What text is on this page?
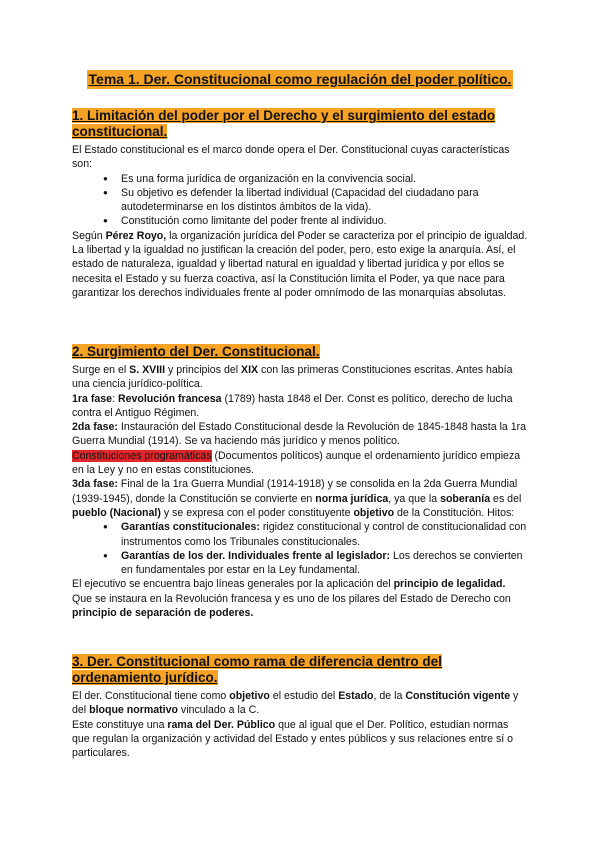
Tema 1. Der. Constitucional como regulación del poder político.
1. Limitación del poder por el Derecho y el surgimiento del estado constitucional.

El Estado constitucional es el marco donde opera el Der. Constitucional cuyas características son:

● Es una forma jurídica de organización en la convivencia social.
● Su objetivo es defender la libertad individual (Capacidad del ciudadano para autodeterminarse en los distintos ámbitos de la vida).
● Constitución como limitante del poder frente al individuo.

Según Pérez Royo, la organización jurídica del Poder se caracteriza por el principio de igualdad.

La libertad y la igualdad no justifican la creación del poder, pero, esto exige la anarquía. Así, el estado de naturaleza, igualdad y libertad natural en igualdad y libertad jurídica y por ellos se necesita el Estado y su fuerza coactiva, así la Constitución limita el Poder, ya que nace para garantizar los derechos individuales frente al poder omnímodo de las monarquías absolutas.

2. Surgimiento del Der. Constitucional.

Surge en el S. XVIII y principios del XIX con las primeras Constituciones escritas. Antes había una ciencia jurídico-política.

1ra fase: Revolución francesa (1789) hasta 1848 el Der. Const es político, derecho de lucha contra el Antiguo Régimen.

2da fase: Instauración del Estado Constitucional desde la Revolución de 1845-1848 hasta la 1ra Guerra Mundial (1914). Se va haciendo más jurídico y menos político.

Constituciones programáticas (Documentos políticos) aunque el ordenamiento jurídico empieza en la Ley y no en estas constituciones.

3da fase: Final de la 1ra Guerra Mundial (1914-1918) y se consolida en la 2da Guerra Mundial (1939-1945), donde la Constitución se convierte en norma jurídica, ya que la soberanía es del pueblo (Nacional) y se expresa con el poder constituyente objetivo de la Constitución. Hitos:

● Garantías constitucionales: rigidez constitucional y control de constitucionalidad con instrumentos como los Tribunales constitucionales.
● Garantías de los der. Individuales frente al legislador: Los derechos se convierten en fundamentales por estar en la Ley fundamental.

El ejecutivo se encuentra bajo líneas generales por la aplicación del principio de legalidad. Que se instaura en la Revolución francesa y es uno de los pilares del Estado de Derecho con principio de separación de poderes.

3. Der. Constitucional como rama de diferencia dentro del ordenamiento jurídico.

El der. Constitucional tiene como objetivo el estudio del Estado, de la Constitución vigente y del bloque normativo vinculado a la C.

Este constituye una rama del Der. Público que al igual que el Der. Político, estudian normas que regulan la organización y actividad del Estado y entes públicos y sus relaciones entre sí o particulares.
